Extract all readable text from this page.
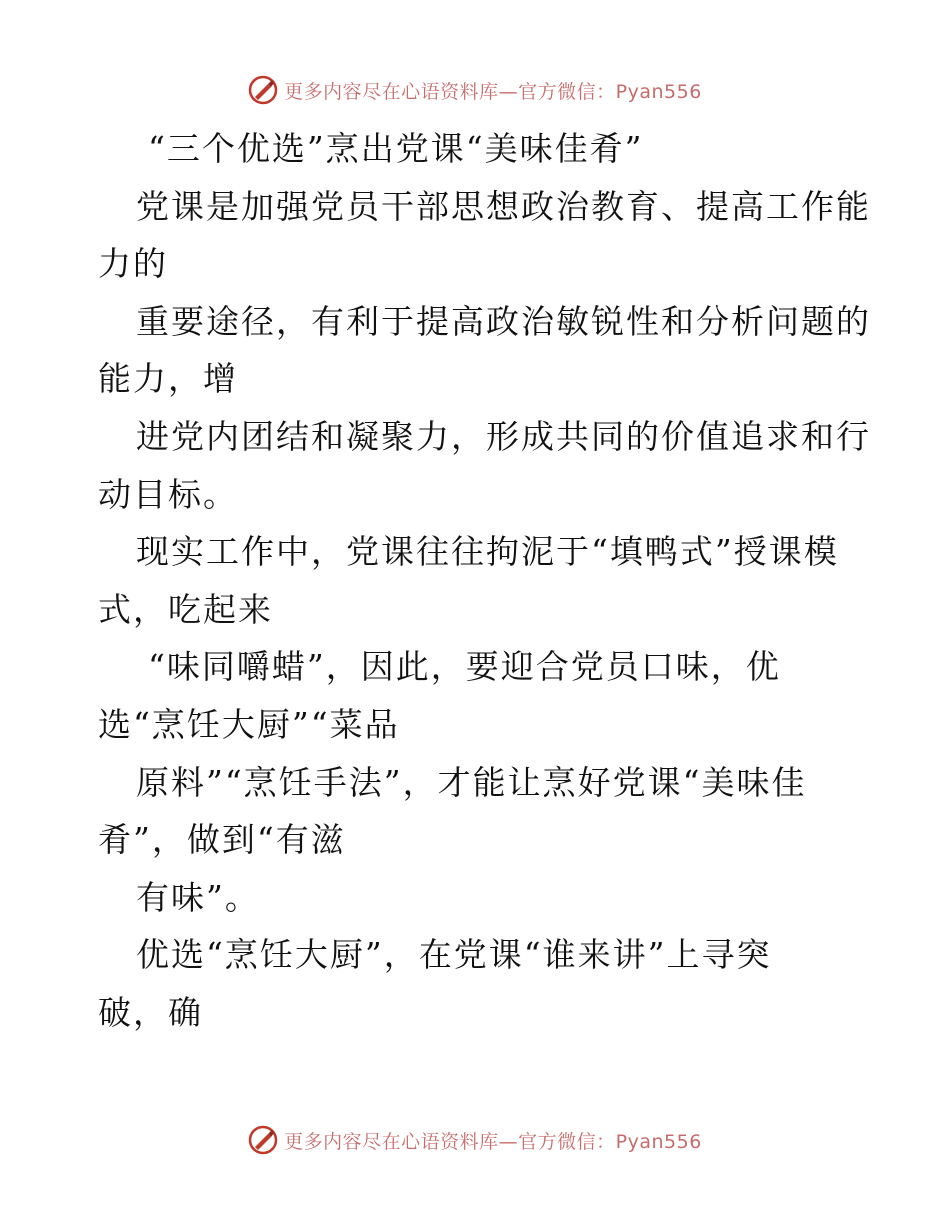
更多内容尽在心语资料库—官方微信：Pyan556
“三个优选”烹出党课“美味佳肴”
党课是加强党员干部思想政治教育、提高工作能
力的
重要途径，有利于提高政治敏锐性和分析问题的
能力，增
进党内团结和凝聚力，形成共同的价值追求和行
动目标。
现实工作中，党课往往拘泥于“填鸭式”授课模
式，吃起来
“味同嚼蜡”，因此，要迎合党员口味，优
选“烹饪大厨”“菜品
原料”“烹饪手法”，才能让烹好党课“美味佳
肴”，做到“有滋
有味”。
优选“烹饪大厨”，在党课“谁来讲”上寻突
破，确
更多内容尽在心语资料库—官方微信：Pyan556
